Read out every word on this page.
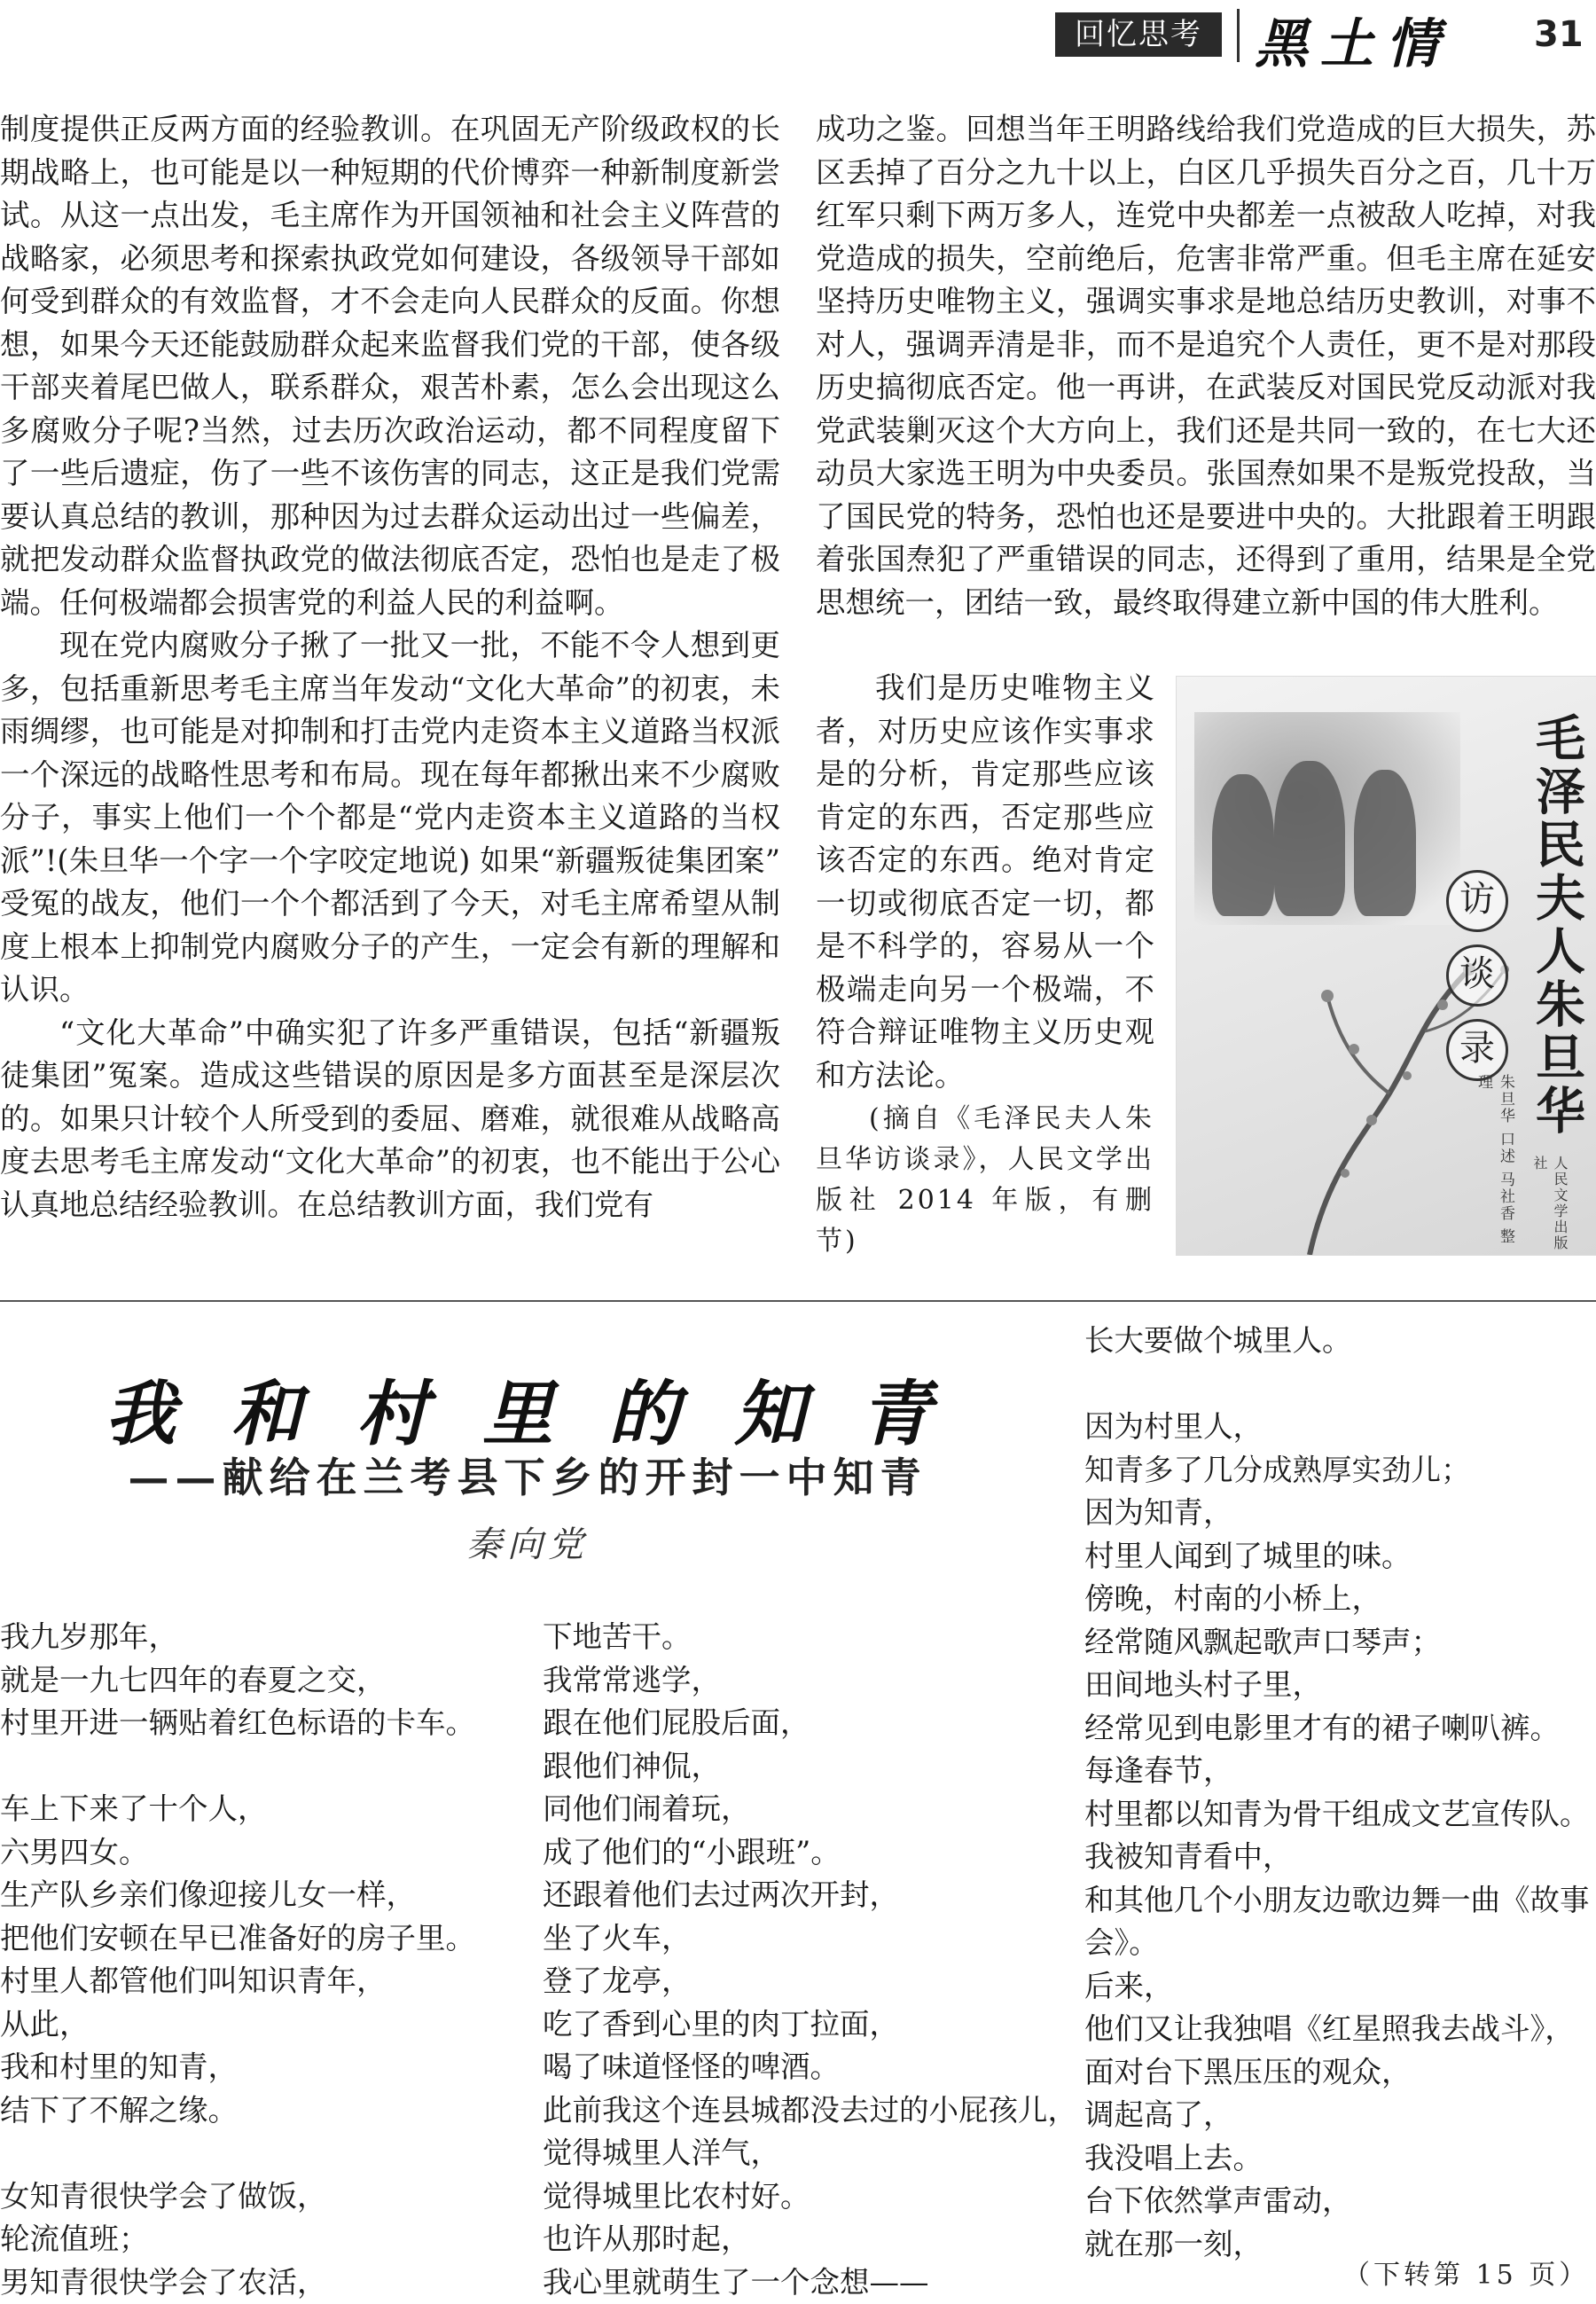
回忆思考 黑土情 31

制度提供正反两方面的经验教训。在巩固无产阶级政权的长期战略上，也可能是以一种短期的代价博弈一种新制度新尝试。从这一点出发，毛主席作为开国领袖和社会主义阵营的战略家，必须思考和探索执政党如何建设，各级领导干部如何受到群众的有效监督，才不会走向人民群众的反面。你想想，如果今天还能鼓励群众起来监督我们党的干部，使各级干部夹着尾巴做人，联系群众，艰苦朴素，怎么会出现这么多腐败分子呢?当然，过去历次政治运动，都不同程度留下了一些后遗症，伤了一些不该伤害的同志，这正是我们党需要认真总结的教训，那种因为过去群众运动出过一些偏差，就把发动群众监督执政党的做法彻底否定，恐怕也是走了极端。任何极端都会损害党的利益人民的利益啊。

现在党内腐败分子揪了一批又一批，不能不令人想到更多，包括重新思考毛主席当年发动“文化大革命”的初衷，未雨绸缪，也可能是对抑制和打击党内走资本主义道路当权派一个深远的战略性思考和布局。现在每年都揪出来不少腐败分子，事实上他们一个个都是“党内走资本主义道路的当权派”!(朱旦华一个字一个字咬定地说) 如果“新疆叛徒集团案” 受冤的战友，他们一个个都活到了今天，对毛主席希望从制度上根本上抑制党内腐败分子的产生，一定会有新的理解和认识。

“文化大革命”中确实犯了许多严重错误，包括“新疆叛徒集团”冤案。造成这些错误的原因是多方面甚至是深层次的。如果只计较个人所受到的委屈、磨难，就很难从战略高度去思考毛主席发动“文化大革命”的初衷，也不能出于公心认真地总结经验教训。在总结教训方面，我们党有

成功之鉴。回想当年王明路线给我们党造成的巨大损失，苏区丢掉了百分之九十以上，白区几乎损失百分之百，几十万红军只剩下两万多人，连党中央都差一点被敌人吃掉，对我党造成的损失，空前绝后，危害非常严重。但毛主席在延安坚持历史唯物主义，强调实事求是地总结历史教训，对事不对人，强调弄清是非，而不是追究个人责任，更不是对那段历史搞彻底否定。他一再讲，在武装反对国民党反动派对我党武装剿灭这个大方向上，我们还是共同一致的，在七大还动员大家选王明为中央委员。张国焘如果不是叛党投敌，当了国民党的特务，恐怕也还是要进中央的。大批跟着王明跟着张国焘犯了严重错误的同志，还得到了重用，结果是全党思想统一，团结一致，最终取得建立新中国的伟大胜利。

我们是历史唯物主义者，对历史应该作实事求是的分析，肯定那些应该肯定的东西，否定那些应该否定的东西。绝对肯定一切或彻底否定一切，都是不科学的，容易从一个极端走向另一个极端，不符合辩证唯物主义历史观和方法论。

(摘自《毛泽民夫人朱旦华访谈录》，人民文学出版社 2014 年版，有删节)

毛泽民夫人朱旦华
访
谈
录
朱旦华 口述 马社香 整理
人民文学出版社
我和村里的知青
——献给在兰考县下乡的开封一中知青
秦向党
我九岁那年，
就是一九七四年的春夏之交，
村里开进一辆贴着红色标语的卡车。
车上下来了十个人，
六男四女。
生产队乡亲们像迎接儿女一样，
把他们安顿在早已准备好的房子里。
村里人都管他们叫知识青年，
从此，
我和村里的知青，
结下了不解之缘。
女知青很快学会了做饭，
轮流值班；
男知青很快学会了农活，
下地苦干。
我常常逃学，
跟在他们屁股后面，
跟他们神侃，
同他们闹着玩，
成了他们的“小跟班”。
还跟着他们去过两次开封，
坐了火车，
登了龙亭，
吃了香到心里的肉丁拉面，
喝了味道怪怪的啤酒。
此前我这个连县城都没去过的小屁孩儿，
觉得城里人洋气，
觉得城里比农村好。
也许从那时起，
我心里就萌生了一个念想——
长大要做个城里人。
因为村里人，
知青多了几分成熟厚实劲儿；
因为知青，
村里人闻到了城里的味。
傍晚，村南的小桥上，
经常随风飘起歌声口琴声；
田间地头村子里，
经常见到电影里才有的裙子喇叭裤。
每逢春节，
村里都以知青为骨干组成文艺宣传队。
我被知青看中，
和其他几个小朋友边歌边舞一曲《故事会》。
后来，
他们又让我独唱《红星照我去战斗》，
面对台下黑压压的观众，
调起高了，
我没唱上去。
台下依然掌声雷动，
就在那一刻，
（下转第 15 页）
